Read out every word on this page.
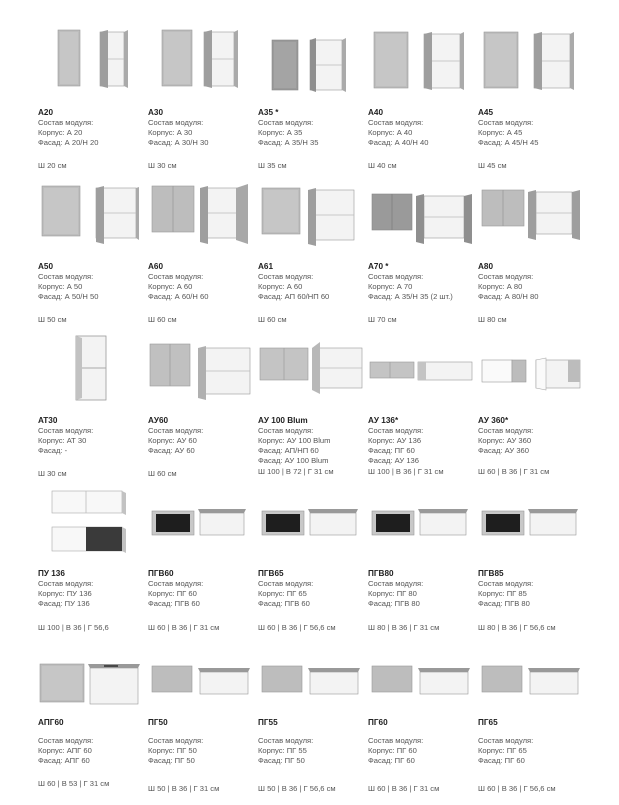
A20
Состав модуля:
Корпус: А 20
Фасад: А 20/Н 20
Ш 20 см
A30
Состав модуля:
Корпус: А 30
Фасад: А 30/Н 30
Ш 30 см
A35 *
Состав модуля:
Корпус: А 35
Фасад: А 35/Н 35
Ш 35 см
A40
Состав модуля:
Корпус: А 40
Фасад: А 40/Н 40
Ш 40 см
A45
Состав модуля:
Корпус: А 45
Фасад: А 45/Н 45
Ш 45 см
A50
Состав модуля:
Корпус: А 50
Фасад: А 50/Н 50
Ш 50 см
A60
Состав модуля:
Корпус: А 60
Фасад: А 60/Н 60
Ш 60 см
A61
Состав модуля:
Корпус: А 60
Фасад: АП 60/НП 60
Ш 60 см
A70 *
Состав модуля:
Корпус: А 70
Фасад: А 35/Н 35 (2 шт.)
Ш 70 см
A80
Состав модуля:
Корпус: А 80
Фасад: А 80/Н 80
Ш 80 см
AT30
Состав модуля:
Корпус: АТ 30
Фасад: -
Ш 30 см
AУ60
Состав модуля:
Корпус: АУ 60
Фасад: АУ 60
Ш 60 см
AУ 100 Blum
Состав модуля:
Корпус: АУ 100 Blum
Фасад: АП/НП 60
Фасад: АУ 100 Blum
Ш 100 | В 72 | Г 31 см
AУ 136*
Состав модуля:
Корпус: АУ 136
Фасад: ПГ 60
Фасад: АУ 136
Ш 100 | В 36 | Г 31 см
AУ 360*
Состав модуля:
Корпус: АУ 360
Фасад: АУ 360
Ш 60 | В 36 | Г 31 см
ПУ 136
Состав модуля:
Корпус: ПУ 136
Фасад: ПУ 136
Ш 100 | В 36 | Г 56,6
ПГВ60
Состав модуля:
Корпус: ПГ 60
Фасад: ПГВ 60
Ш 60 | В 36 | Г 31 см
ПГВ65
Состав модуля:
Корпус: ПГ 65
Фасад: ПГВ 60
Ш 60 | В 36 | Г 56,6 см
ПГВ80
Состав модуля:
Корпус: ПГ 80
Фасад: ПГВ 80
Ш 80 | В 36 | Г 31 см
ПГВ85
Состав модуля:
Корпус: ПГ 85
Фасад: ПГВ 80
Ш 80 | В 36 | Г 56,6 см
AПГ60
Состав модуля:
Корпус: АПГ 60
Фасад: АПГ 60
Ш 60 | В 53 | Г 31 см
ПГ50
Состав модуля:
Корпус: ПГ 50
Фасад: ПГ 50
Ш 50 | В 36 | Г 31 см
ПГ55
Состав модуля:
Корпус: ПГ 55
Фасад: ПГ 50
Ш 50 | В 36 | Г 56,6 см
ПГ60
Состав модуля:
Корпус: ПГ 60
Фасад: ПГ 60
Ш 60 | В 36 | Г 31 см
ПГ65
Состав модуля:
Корпус: ПГ 65
Фасад: ПГ 60
Ш 60 | В 36 | Г 56,6 см
